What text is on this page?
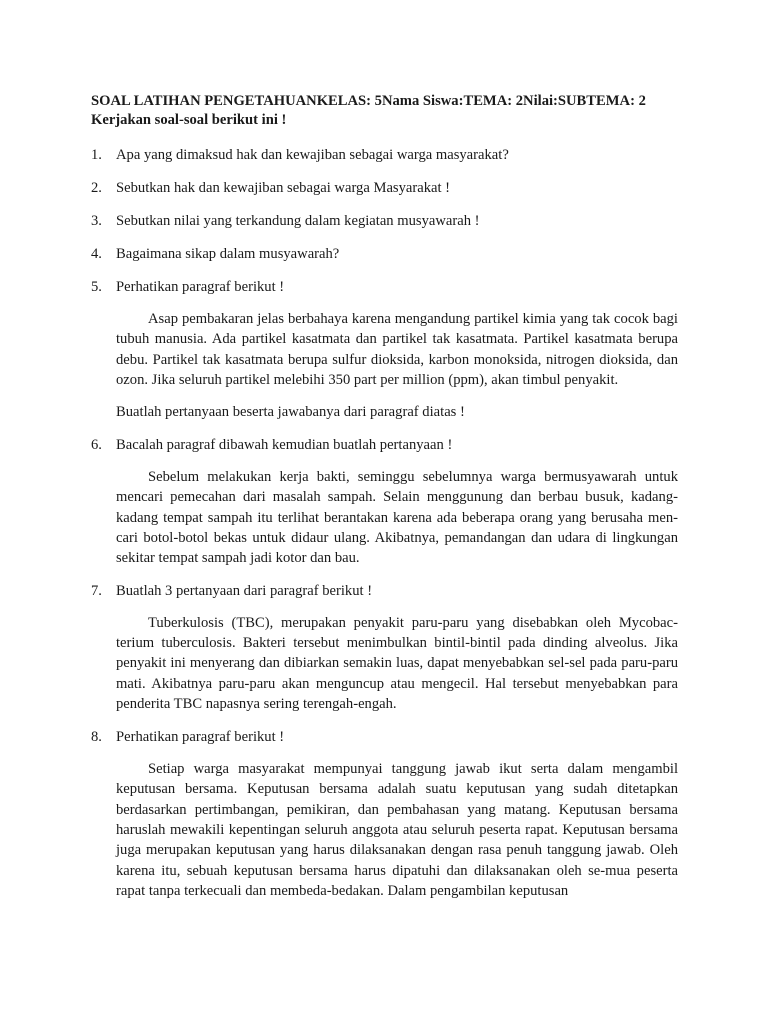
SOAL LATIHAN PENGETAHUANKELAS: 5Nama Siswa:TEMA: 2Nilai:SUBTEMA: 2
Kerjakan soal-soal berikut ini !
1. Apa yang dimaksud hak dan kewajiban sebagai warga masyarakat?
2. Sebutkan hak dan kewajiban sebagai warga Masyarakat !
3. Sebutkan nilai yang terkandung dalam kegiatan musyawarah !
4. Bagaimana sikap dalam musyawarah?
5. Perhatikan paragraf berikut !
Asap pembakaran jelas berbahaya karena mengandung partikel kimia yang tak cocok bagi tubuh manusia. Ada partikel kasatmata dan partikel tak kasatmata. Partikel kasatmata berupa debu. Partikel tak kasatmata berupa sulfur dioksida, karbon monoksida, nitrogen dioksida, dan ozon. Jika seluruh partikel melebihi 350 part per million (ppm), akan timbul penyakit.
Buatlah pertanyaan beserta jawabanya dari paragraf diatas !
6. Bacalah paragraf dibawah kemudian buatlah pertanyaan !
Sebelum melakukan kerja bakti, seminggu sebelumnya warga bermusyawarah untuk mencari pemecahan dari masalah sampah. Selain menggunung dan berbau busuk, kadang-kadang tempat sampah itu terlihat berantakan karena ada beberapa orang yang berusaha men-cari botol-botol bekas untuk didaur ulang. Akibatnya, pemandangan dan udara di lingkungan sekitar tempat sampah jadi kotor dan bau.
7. Buatlah 3 pertanyaan dari paragraf berikut !
Tuberkulosis (TBC), merupakan penyakit paru-paru yang disebabkan oleh Mycobac-terium tuberculosis. Bakteri tersebut menimbulkan bintil-bintil pada dinding alveolus. Jika penyakit ini menyerang dan dibiarkan semakin luas, dapat menyebabkan sel-sel pada paru-paru mati. Akibatnya paru-paru akan menguncup atau mengecil. Hal tersebut menyebabkan para penderita TBC napasnya sering terengah-engah.
8. Perhatikan paragraf berikut !
Setiap warga masyarakat mempunyai tanggung jawab ikut serta dalam mengambil keputusan bersama. Keputusan bersama adalah suatu keputusan yang sudah ditetapkan berdasarkan pertimbangan, pemikiran, dan pembahasan yang matang. Keputusan bersama haruslah mewakili kepentingan seluruh anggota atau seluruh peserta rapat. Keputusan bersama juga merupakan keputusan yang harus dilaksanakan dengan rasa penuh tanggung jawab. Oleh karena itu, sebuah keputusan bersama harus dipatuhi dan dilaksanakan oleh se-mua peserta rapat tanpa terkecuali dan membeda-bedakan. Dalam pengambilan keputusan
